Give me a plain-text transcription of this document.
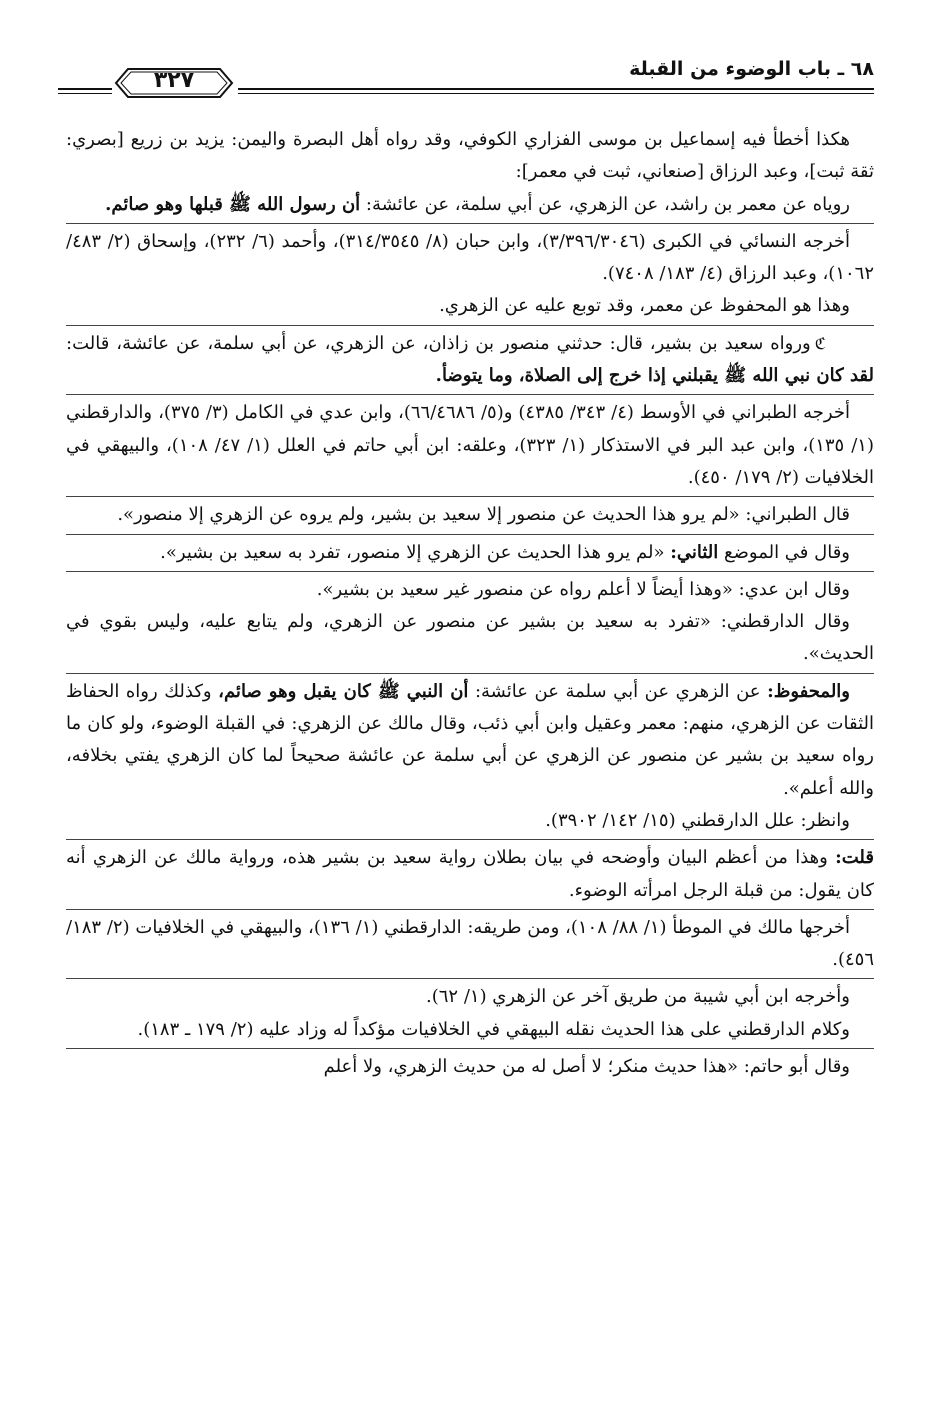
٦٨ ـ باب الوضوء من القبلة
٣٢٧

هكذا أخطأ فيه إسماعيل بن موسى الفزاري الكوفي، وقد رواه أهل البصرة واليمن: يزيد بن زريع [بصري: ثقة ثبت]، وعبد الرزاق [صنعاني، ثبت في معمر]:

روياه عن معمر بن راشد، عن الزهري، عن أبي سلمة، عن عائشة: أن رسول الله ﷺ قبلها وهو صائم.

أخرجه النسائي في الكبرى (٣/٣٩٦/٣٠٤٦)، وابن حبان (٨/ ٣١٤/٣٥٤٥)، وأحمد (٦/ ٢٣٢)، وإسحاق (٢/ ٤٨٣/ ١٠٦٢)، وعبد الرزاق (٤/ ١٨٣/ ٧٤٠٨).

وهذا هو المحفوظ عن معمر، وقد توبع عليه عن الزهري.

ℭورواه سعيد بن بشير، قال: حدثني منصور بن زاذان، عن الزهري، عن أبي سلمة، عن عائشة، قالت: لقد كان نبي الله ﷺ يقبلني إذا خرج إلى الصلاة، وما يتوضأ.

أخرجه الطبراني في الأوسط (٤/ ٣٤٣/ ٤٣٨٥) و(٥/ ٦٦/٤٦٨٦)، وابن عدي في الكامل (٣/ ٣٧٥)، والدارقطني (١/ ١٣٥)، وابن عبد البر في الاستذكار (١/ ٣٢٣)، وعلقه: ابن أبي حاتم في العلل (١/ ٤٧/ ١٠٨)، والبيهقي في الخلافيات (٢/ ١٧٩/ ٤٥٠).

قال الطبراني: «لم يرو هذا الحديث عن منصور إلا سعيد بن بشير، ولم يروه عن الزهري إلا منصور».

وقال في الموضع الثاني: «لم يرو هذا الحديث عن الزهري إلا منصور، تفرد به سعيد بن بشير».

وقال ابن عدي: «وهذا أيضاً لا أعلم رواه عن منصور غير سعيد بن بشير».

وقال الدارقطني: «تفرد به سعيد بن بشير عن منصور عن الزهري، ولم يتابع عليه، وليس بقوي في الحديث».

والمحفوظ: عن الزهري عن أبي سلمة عن عائشة: أن النبي ﷺ كان يقبل وهو صائم، وكذلك رواه الحفاظ الثقات عن الزهري، منهم: معمر وعقيل وابن أبي ذئب، وقال مالك عن الزهري: في القبلة الوضوء، ولو كان ما رواه سعيد بن بشير عن منصور عن الزهري عن أبي سلمة عن عائشة صحيحاً لما كان الزهري يفتي بخلافه، والله أعلم».

وانظر: علل الدارقطني (١٥/ ١٤٢/ ٣٩٠٢).

قلت: وهذا من أعظم البيان وأوضحه في بيان بطلان رواية سعيد بن بشير هذه، ورواية مالك عن الزهري أنه كان يقول: من قبلة الرجل امرأته الوضوء.

أخرجها مالك في الموطأ (١/ ٨٨/ ١٠٨)، ومن طريقه: الدارقطني (١/ ١٣٦)، والبيهقي في الخلافيات (٢/ ١٨٣/ ٤٥٦).

وأخرجه ابن أبي شيبة من طريق آخر عن الزهري (١/ ٦٢).

وكلام الدارقطني على هذا الحديث نقله البيهقي في الخلافيات مؤكداً له وزاد عليه (٢/ ١٧٩ ـ ١٨٣).

وقال أبو حاتم: «هذا حديث منكر؛ لا أصل له من حديث الزهري، ولا أعلم
